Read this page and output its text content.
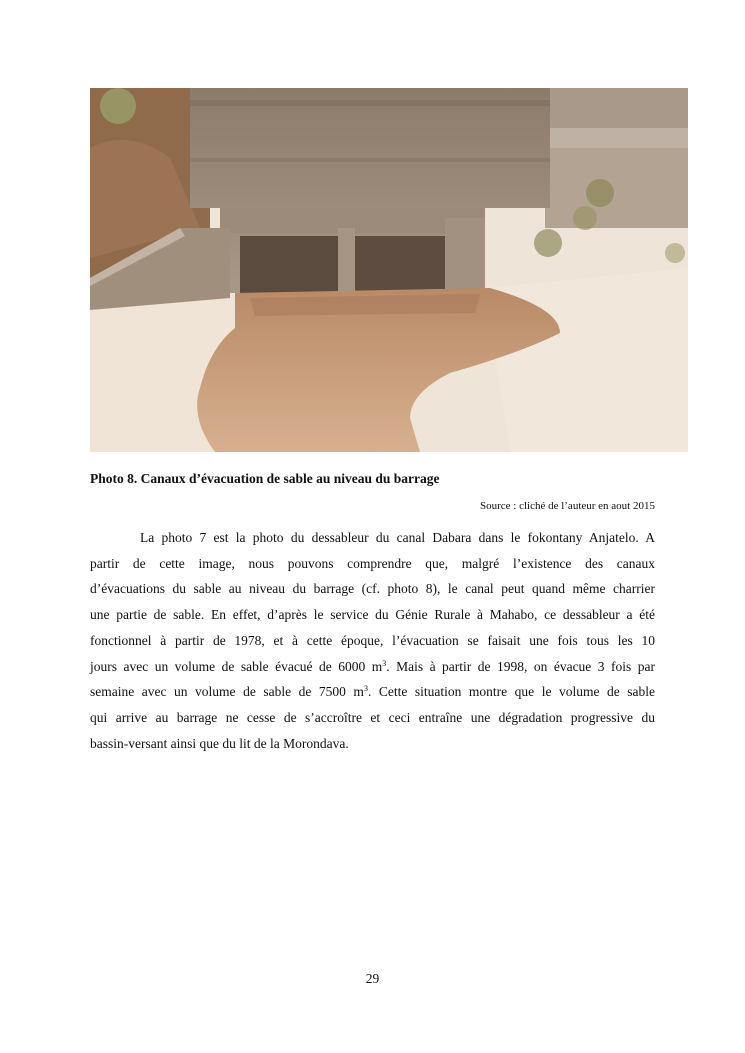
Photo 8. Canaux d’évacuation de sable au niveau du barrage
Source : cliché de l’auteur en aout 2015
La photo 7 est la photo du dessableur du canal Dabara dans le fokontany Anjatelo. A
partir de cette image, nous pouvons comprendre que, malgré l’existence des canaux
d’évacuations du sable au niveau du barrage (cf. photo 8), le canal peut quand même charrier
une partie de sable. En effet, d’après le service du Génie Rurale à Mahabo, ce dessableur a été
fonctionnel à partir de 1978, et à cette époque, l’évacuation se faisait une fois tous les 10
jours avec un volume de sable évacué de 6000 $m^3$. Mais à partir de 1998, on évacue 3 fois par
semaine avec un volume de sable de 7500 $m^3$. Cette situation montre que le volume de sable
qui arrive au barrage ne cesse de s’accroître et ceci entraîne une dégradation progressive du
bassin-versant ainsi que du lit de la Morondava.
29
